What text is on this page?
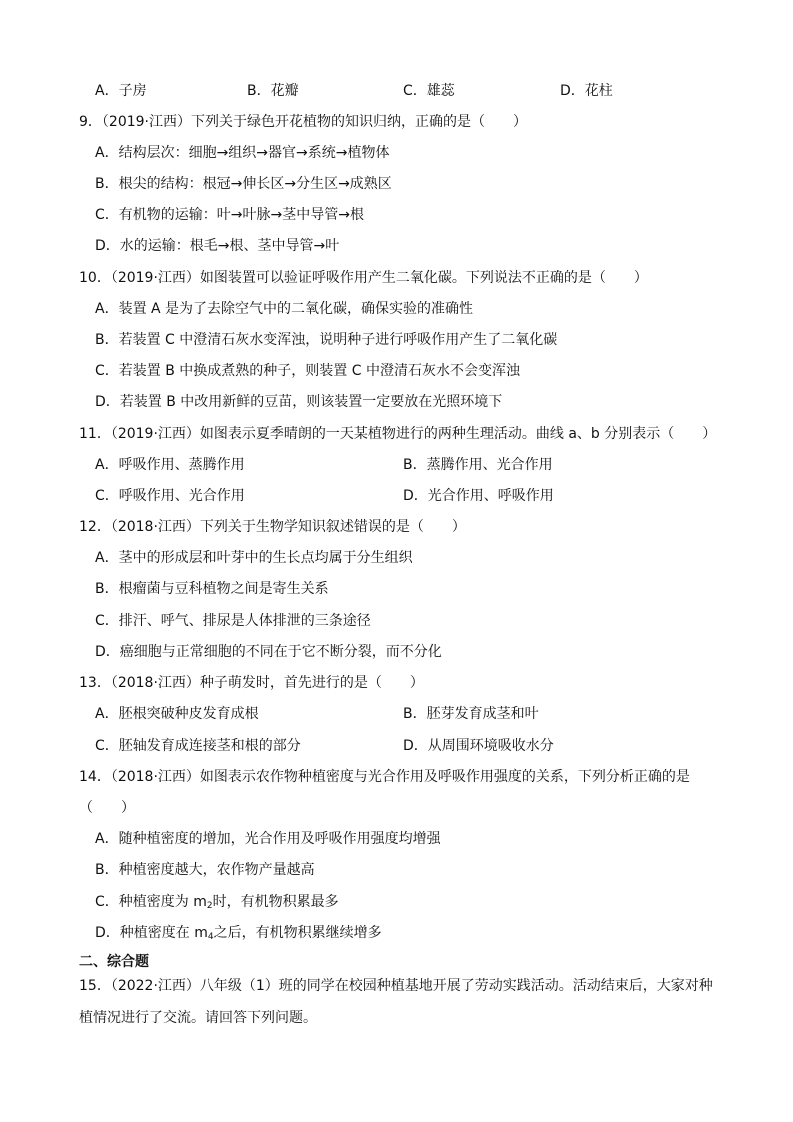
A．子房	B．花瓣	C．雄蕊	D．花柱
9．（2019·江西）下列关于绿色开花植物的知识归纳，正确的是（　　）
A．结构层次：细胞→组织→器官→系统→植物体
B．根尖的结构：根冠→伸长区→分生区→成熟区
C．有机物的运输：叶→叶脉→茎中导管→根
D．水的运输：根毛→根、茎中导管→叶
10．（2019·江西）如图装置可以验证呼吸作用产生二氧化碳。下列说法不正确的是（　　）
A．装置 A 是为了去除空气中的二氧化碳，确保实验的准确性
B．若装置 C 中澄清石灰水变浑浊，说明种子进行呼吸作用产生了二氧化碳
C．若装置 B 中换成煮熟的种子，则装置 C 中澄清石灰水不会变浑浊
D．若装置 B 中改用新鲜的豆苗，则该装置一定要放在光照环境下
11．（2019·江西）如图表示夏季晴朗的一天某植物进行的两种生理活动。曲线 a、b 分别表示（　　）
A．呼吸作用、蒸腾作用	B．蒸腾作用、光合作用
C．呼吸作用、光合作用	D．光合作用、呼吸作用
12．（2018·江西）下列关于生物学知识叙述错误的是（　　）
A．茎中的形成层和叶芽中的生长点均属于分生组织
B．根瘤菌与豆科植物之间是寄生关系
C．排汗、呼气、排尿是人体排泄的三条途径
D．癌细胞与正常细胞的不同在于它不断分裂，而不分化
13．（2018·江西）种子萌发时，首先进行的是（　　）
A．胚根突破种皮发育成根	B．胚芽发育成茎和叶
C．胚轴发育成连接茎和根的部分	D．从周围环境吸收水分
14．（2018·江西）如图表示农作物种植密度与光合作用及呼吸作用强度的关系，下列分析正确的是
（　　）
A．随种植密度的增加，光合作用及呼吸作用强度均增强
B．种植密度越大，农作物产量越高
C．种植密度为 $m_2$时，有机物积累最多
D．种植密度在 $m_4$之后，有机物积累继续增多
二、综合题
15．（2022·江西）八年级（1）班的同学在校园种植基地开展了劳动实践活动。活动结束后，大家对种
植情况进行了交流。请回答下列问题。
